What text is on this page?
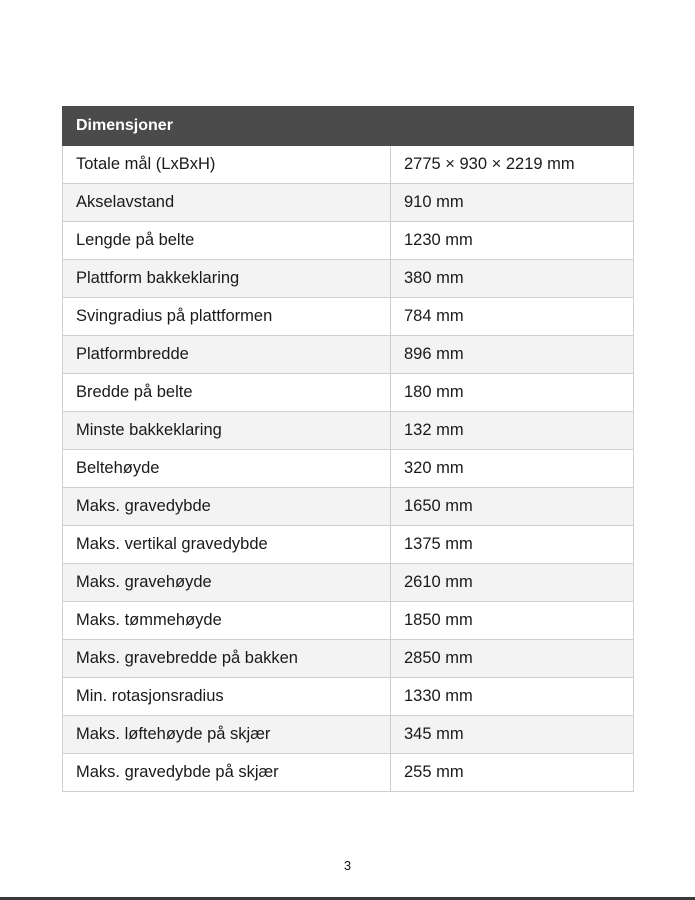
Dimensjoner	
Totale mål (LxBxH)	2775 × 930 × 2219 mm
Akselavstand	910 mm
Lengde på belte	1230 mm
Plattform bakkeklaring	380 mm
Svingradius på plattformen	784 mm
Platformbredde	896 mm
Bredde på belte	180 mm
Minste bakkeklaring	132 mm
Beltehøyde	320 mm
Maks. gravedybde	1650 mm
Maks. vertikal gravedybde	1375 mm
Maks. gravehøyde	2610 mm
Maks. tømmehøyde	1850 mm
Maks. gravebredde på bakken	2850 mm
Min. rotasjonsradius	1330 mm
Maks. løftehøyde på skjær	345 mm
Maks. gravedybde på skjær	255 mm
3
